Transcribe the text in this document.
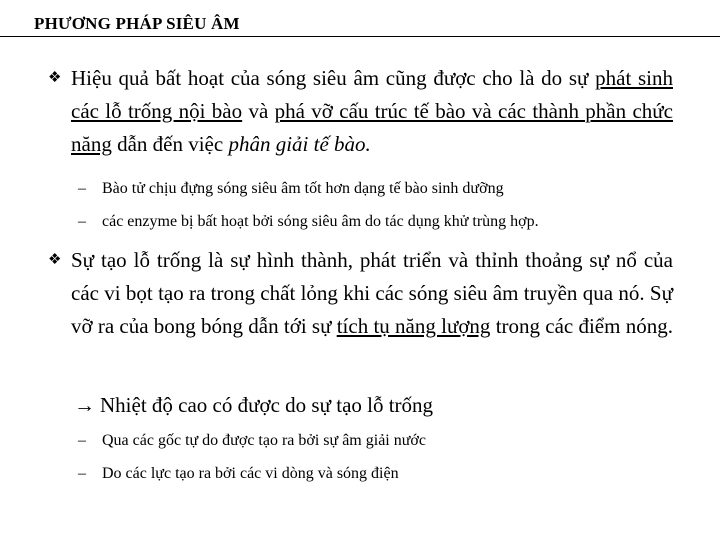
PHƯƠNG PHÁP SIÊU ÂM
❖ Hiệu quả bất hoạt của sóng siêu âm cũng được cho là do sự phát sinh các lỗ trống nội bào và phá vỡ cấu trúc tế bào và các thành phần chức năng dẫn đến việc phân giải tế bào.
– Bào tử chịu đựng sóng siêu âm tốt hơn dạng tế bào sinh dưỡng
– các enzyme bị bất hoạt bởi sóng siêu âm do tác dụng khử trùng hợp.
❖ Sự tạo lỗ trống là sự hình thành, phát triển và thỉnh thoảng sự nổ của các vi bọt tạo ra trong chất lỏng khi các sóng siêu âm truyền qua nó. Sự vỡ ra của bong bóng dẫn tới sự tích tụ năng lượng trong các điểm nóng.
→ Nhiệt độ cao có được do sự tạo lỗ trống
– Qua các gốc tự do được tạo ra bởi sự âm giải nước
– Do các lực tạo ra bởi các vi dòng và sóng điện
